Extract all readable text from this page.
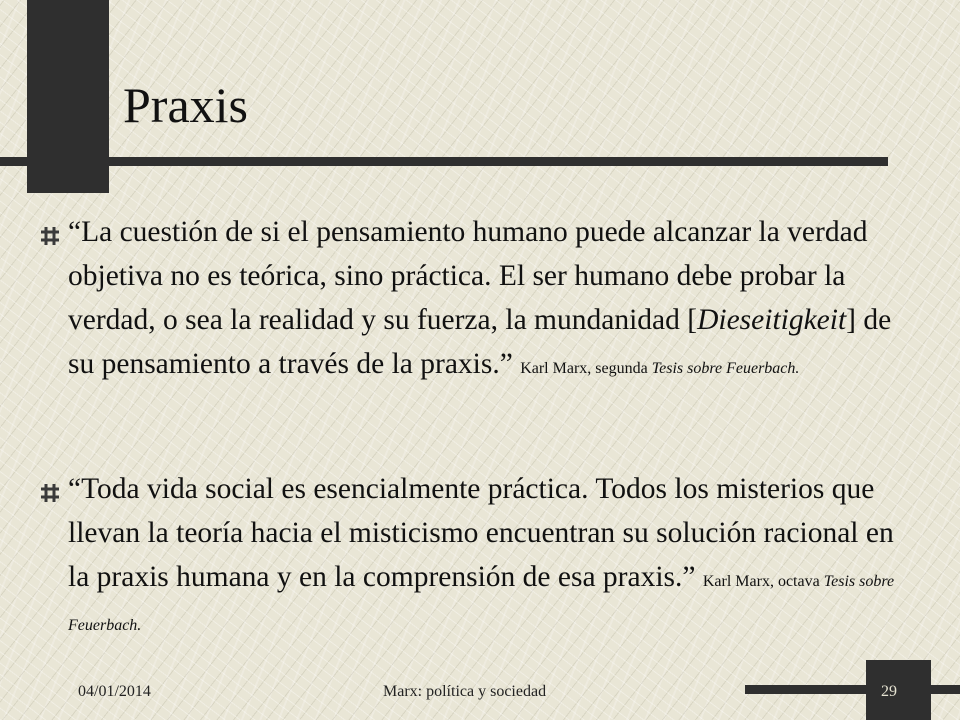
Praxis
“La cuestión de si el pensamiento humano puede alcanzar la verdad objetiva no es teórica, sino práctica. El ser humano debe probar la verdad, o sea la realidad y su fuerza, la mundanidad [Dieseitigkeit] de su pensamiento a través de la praxis.” Karl Marx, segunda Tesis sobre Feuerbach.
“Toda vida social es esencialmente práctica. Todos los misterios que llevan la teoría hacia el misticismo encuentran su solución racional en la praxis humana y en la comprensión de esa praxis.” Karl Marx, octava Tesis sobre Feuerbach.
04/01/2014	Marx: política y sociedad	29
